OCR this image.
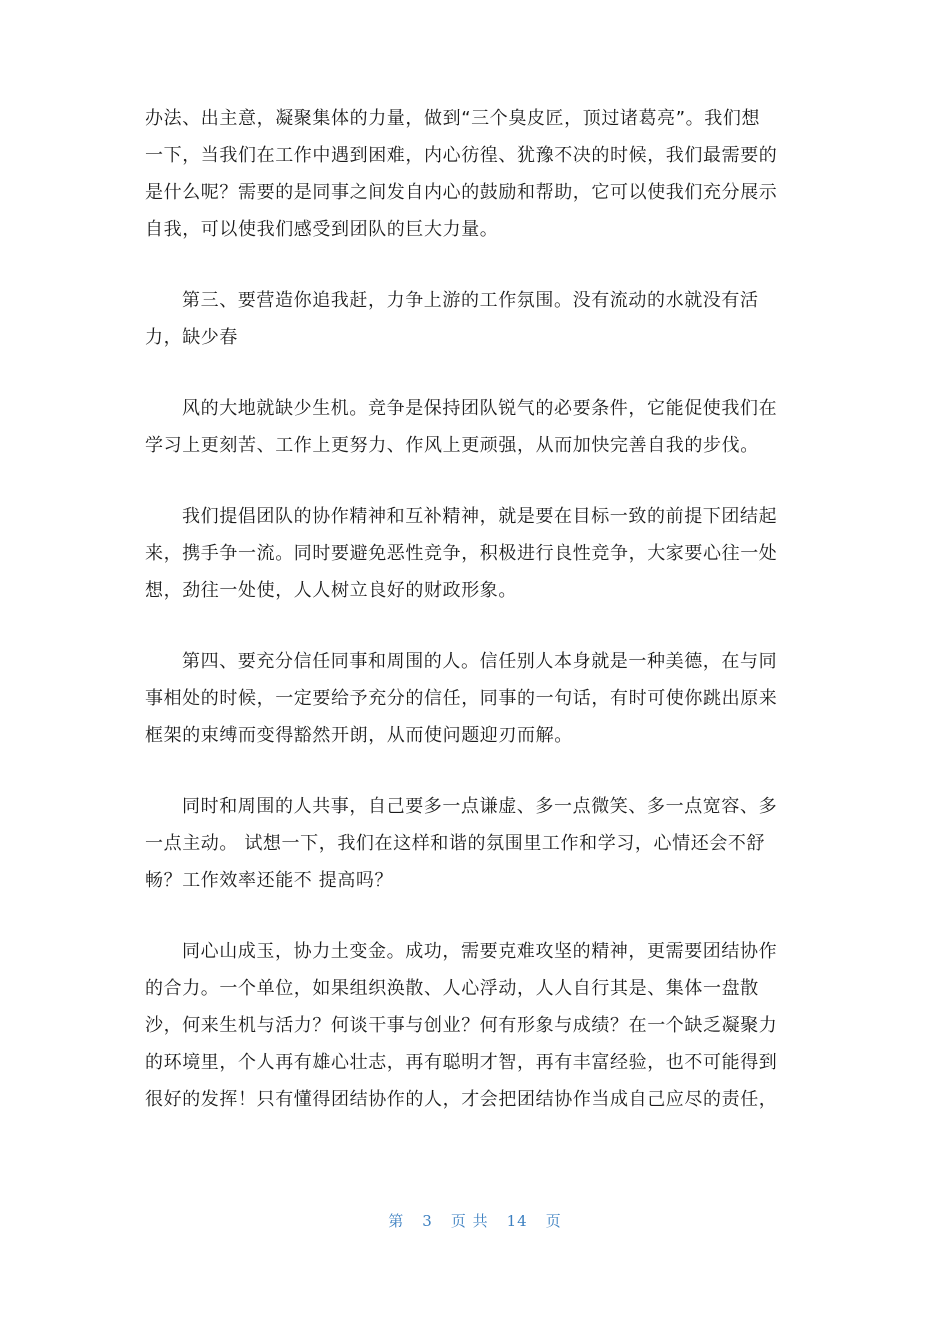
办法、出主意，凝聚集体的力量，做到“三个臭皮匠，顶过诸葛亮”。我们想
一下，当我们在工作中遇到困难，内心彷徨、犹豫不决的时候，我们最需要的
是什么呢？需要的是同事之间发自内心的鼓励和帮助，它可以使我们充分展示
自我，可以使我们感受到团队的巨大力量。

第三、要营造你追我赶，力争上游的工作氛围。没有流动的水就没有活
力，缺少春

风的大地就缺少生机。竞争是保持团队锐气的必要条件，它能促使我们在
学习上更刻苦、工作上更努力、作风上更顽强，从而加快完善自我的步伐。

我们提倡团队的协作精神和互补精神，就是要在目标一致的前提下团结起
来，携手争一流。同时要避免恶性竞争，积极进行良性竞争，大家要心往一处
想，劲往一处使，人人树立良好的财政形象。

第四、要充分信任同事和周围的人。信任别人本身就是一种美德，在与同
事相处的时候，一定要给予充分的信任，同事的一句话，有时可使你跳出原来
框架的束缚而变得豁然开朗，从而使问题迎刃而解。

同时和周围的人共事，自己要多一点谦虚、多一点微笑、多一点宽容、多
一点主动。 试想一下，我们在这样和谐的氛围里工作和学习，心情还会不舒
畅？工作效率还能不 提高吗？

同心山成玉，协力土变金。成功，需要克难攻坚的精神，更需要团结协作
的合力。一个单位，如果组织涣散、人心浮动，人人自行其是、集体一盘散
沙，何来生机与活力？何谈干事与创业？何有形象与成绩？在一个缺乏凝聚力
的环境里，个人再有雄心壮志，再有聪明才智，再有丰富经验，也不可能得到
很好的发挥！只有懂得团结协作的人，才会把团结协作当成自己应尽的责任，

第 3 页 共 14 页
